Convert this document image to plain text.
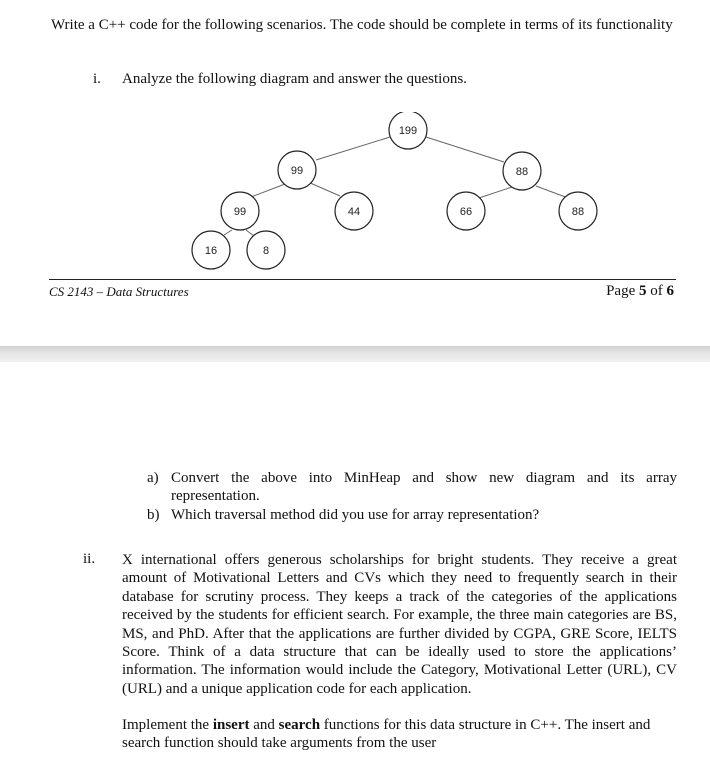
Write a C++ code for the following scenarios. The code should be complete in terms of its functionality

i. Analyze the following diagram and answer the questions.
199
99	88
99	44	66	88
16	8
CS 2143 – Data Structures	Page 5 of 6
a) Convert the above into MinHeap and show new diagram and its array representation.
b) Which traversal method did you use for array representation?
ii. X international offers generous scholarships for bright students. They receive a great amount of Motivational Letters and CVs which they need to frequently search in their database for scrutiny process. They keeps a track of the categories of the applications received by the students for efficient search. For example, the three main categories are BS, MS, and PhD. After that the applications are further divided by CGPA, GRE Score, IELTS Score. Think of a data structure that can be ideally used to store the applications’ information. The information would include the Category, Motivational Letter (URL), CV (URL) and a unique application code for each application.

Implement the insert and search functions for this data structure in C++. The insert and search function should take arguments from the user
